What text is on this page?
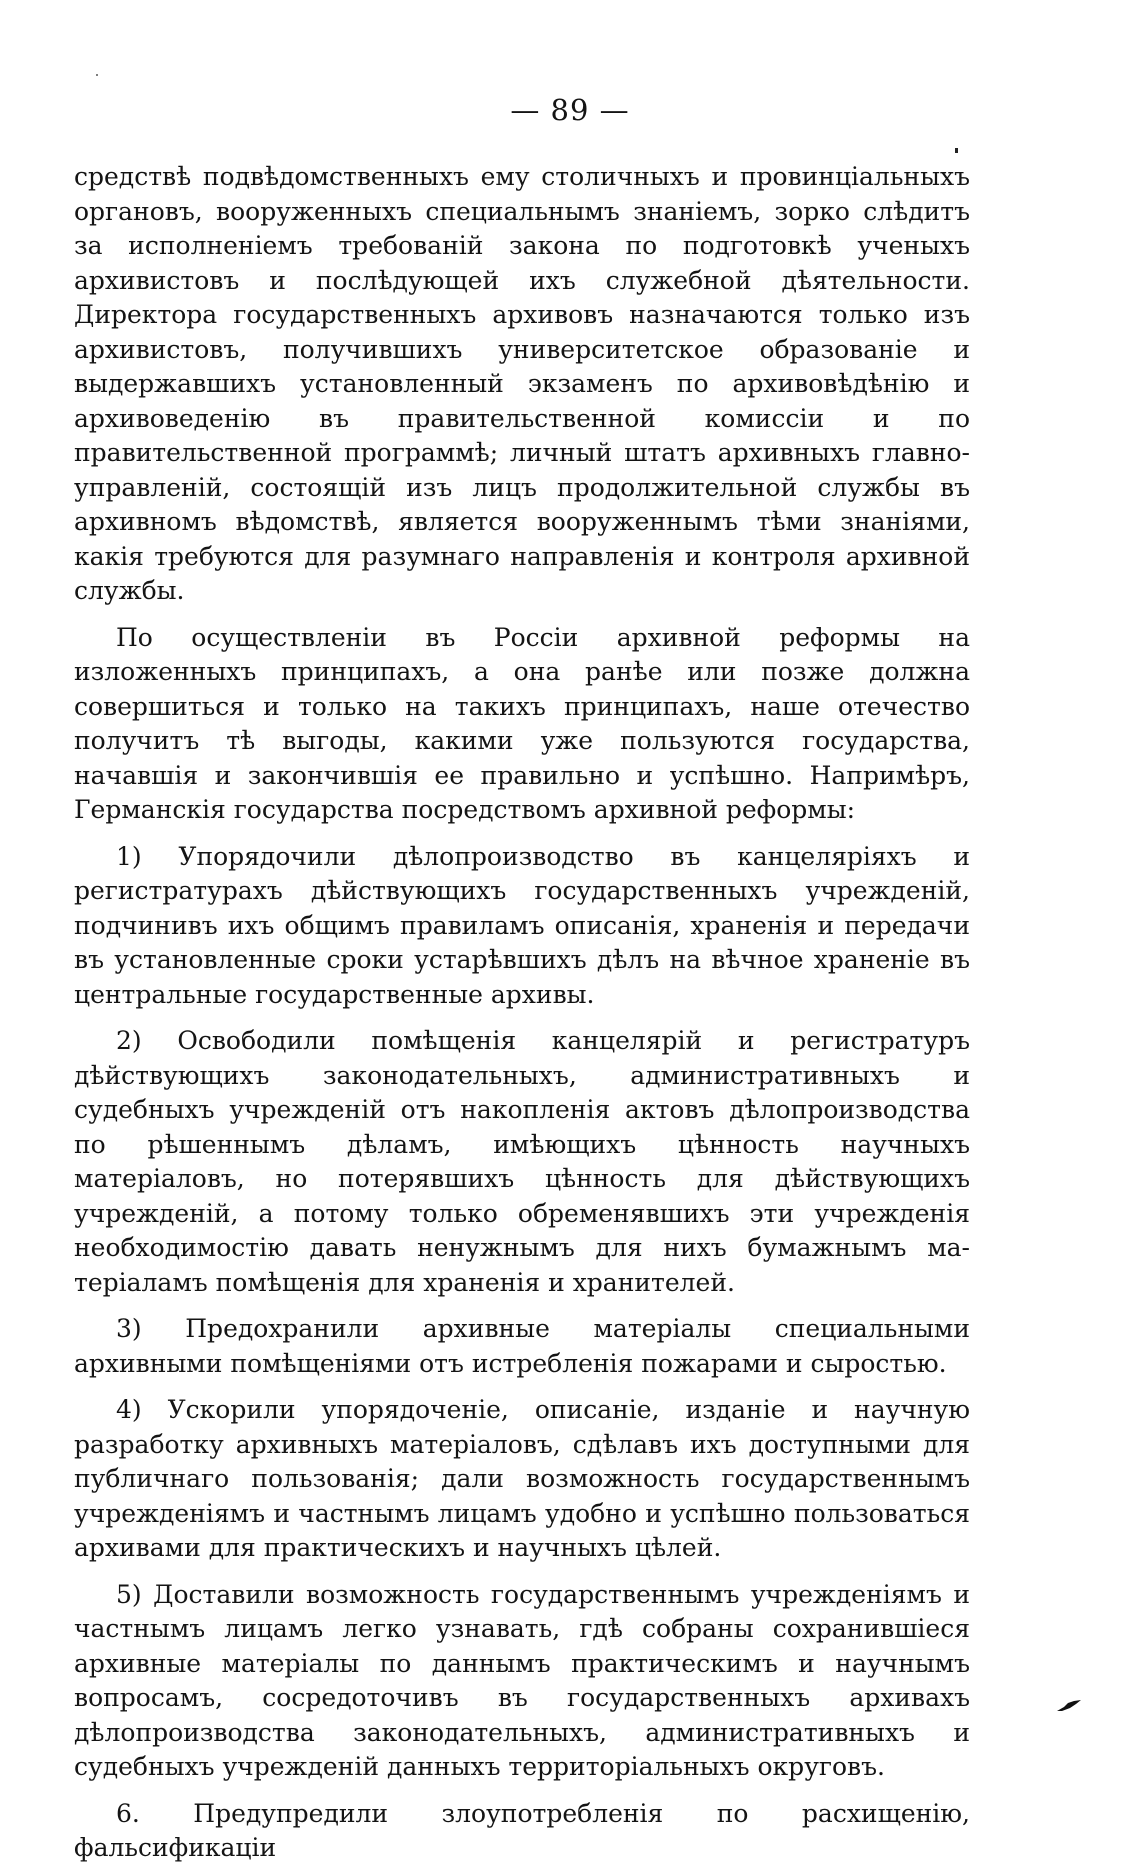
— 89 —

средствѣ подвѣдомственныхъ ему столичныхъ и провинціальныхъ органовъ, вооруженныхъ специальнымъ знаніемъ, зорко слѣдитъ за исполненіемъ требованій закона по подготовкѣ ученыхъ архивистовъ и послѣдующей ихъ служебной дѣятельности. Директора государственныхъ архивовъ назначаются только изъ архивистовъ, получившихъ университетское образованіе и выдержавшихъ установленный экзаменъ по архивовѣдѣнію и архивоведенію въ правительственной комиссіи и по правительственной программѣ; личный штатъ архивныхъ главноуправленій, состоящій изъ лицъ продолжительной службы въ архивномъ вѣдомствѣ, является вооруженнымъ тѣми знаніями, какія требуются для разумнаго направленія и контроля архивной службы.

По осуществленіи въ Россіи архивной реформы на изложенныхъ принципахъ, а она ранѣе или позже должна совершиться и только на такихъ принципахъ, наше отечество получитъ тѣ выгоды, какими уже пользуются государства, начавшія и закончившія ее правильно и успѣшно. Напримѣръ, Германскія государства посредствомъ архивной реформы:

1) Упорядочили дѣлопроизводство въ канцеляріяхъ и регистратурахъ дѣйствующихъ государственныхъ учрежденій, подчинивъ ихъ общимъ правиламъ описанія, храненія и передачи въ установленные сроки устарѣвшихъ дѣлъ на вѣчное храненіе въ центральные государственные архивы.

2) Освободили помѣщенія канцелярій и регистратуръ дѣйствующихъ законодательныхъ, административныхъ и судебныхъ учрежденій отъ накопленія актовъ дѣлопроизводства по рѣшеннымъ дѣламъ, имѣющихъ цѣнность научныхъ матеріаловъ, но потерявшихъ цѣнность для дѣйствующихъ учрежденій, а потому только обременявшихъ эти учрежденія необходимостію давать ненужнымъ для нихъ бумажнымъ матеріаламъ помѣщенія для храненія и хранителей.

3) Предохранили архивные матеріалы специальными архивными помѣщеніями отъ истребленія пожарами и сыростью.

4) Ускорили упорядоченіе, описаніе, изданіе и научную разработку архивныхъ матеріаловъ, сдѣлавъ ихъ доступными для публичнаго пользованія; дали возможность государственнымъ учрежденіямъ и частнымъ лицамъ удобно и успѣшно пользоваться архивами для практическихъ и научныхъ цѣлей.

5) Доставили возможность государственнымъ учрежденіямъ и частнымъ лицамъ легко узнавать, гдѣ собраны сохранившіеся архивные матеріалы по даннымъ практическимъ и научнымъ вопросамъ, сосредоточивъ въ государственныхъ архивахъ дѣлопроизводства законодательныхъ, административныхъ и судебныхъ учрежденій данныхъ территоріальныхъ округовъ.

6. Предупредили злоупотребленія по расхищенію, фальсификаціи
